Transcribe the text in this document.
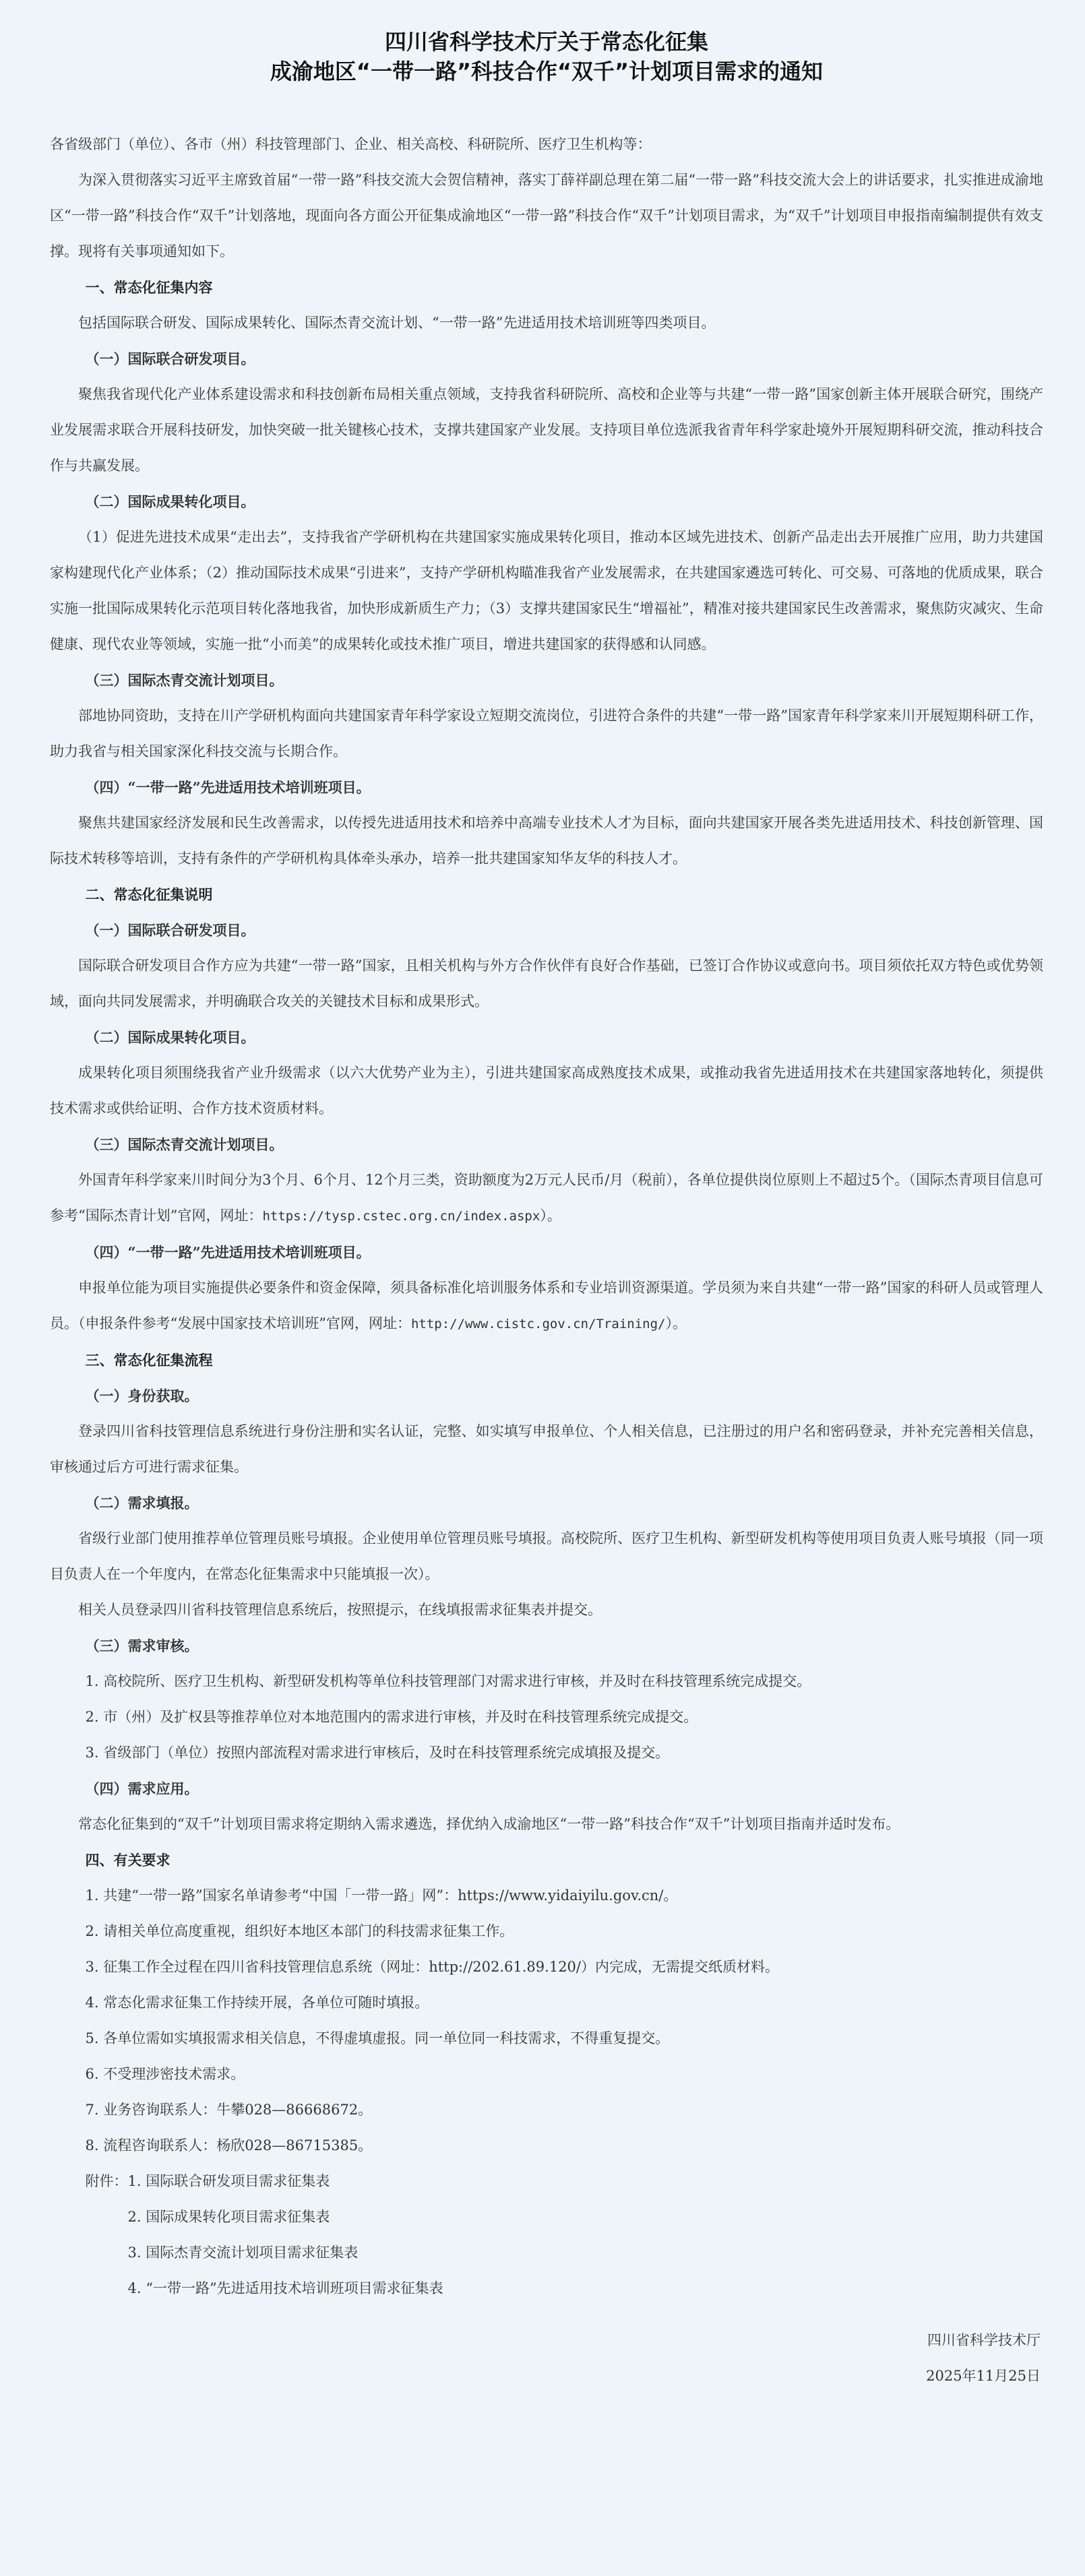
四川省科学技术厅关于常态化征集
成渝地区“一带一路”科技合作“双千”计划项目需求的通知

各省级部门（单位）、各市（州）科技管理部门、企业、相关高校、科研院所、医疗卫生机构等：

为深入贯彻落实习近平主席致首届“一带一路”科技交流大会贺信精神，落实丁薛祥副总理在第二届“一带一路”科技交流大会上的讲话要求，扎实推进成渝地区“一带一路”科技合作“双千”计划落地，现面向各方面公开征集成渝地区“一带一路”科技合作“双千”计划项目需求，为“双千”计划项目申报指南编制提供有效支撑。现将有关事项通知如下。

一、常态化征集内容

包括国际联合研发、国际成果转化、国际杰青交流计划、“一带一路”先进适用技术培训班等四类项目。

（一）国际联合研发项目。

聚焦我省现代化产业体系建设需求和科技创新布局相关重点领域，支持我省科研院所、高校和企业等与共建“一带一路”国家创新主体开展联合研究，围绕产业发展需求联合开展科技研发，加快突破一批关键核心技术，支撑共建国家产业发展。支持项目单位选派我省青年科学家赴境外开展短期科研交流，推动科技合作与共赢发展。

（二）国际成果转化项目。

（1）促进先进技术成果“走出去”，支持我省产学研机构在共建国家实施成果转化项目，推动本区域先进技术、创新产品走出去开展推广应用，助力共建国家构建现代化产业体系；（2）推动国际技术成果“引进来”，支持产学研机构瞄准我省产业发展需求，在共建国家遴选可转化、可交易、可落地的优质成果，联合实施一批国际成果转化示范项目转化落地我省，加快形成新质生产力；（3）支撑共建国家民生“增福祉”，精准对接共建国家民生改善需求，聚焦防灾减灾、生命健康、现代农业等领域，实施一批“小而美”的成果转化或技术推广项目，增进共建国家的获得感和认同感。

（三）国际杰青交流计划项目。

部地协同资助，支持在川产学研机构面向共建国家青年科学家设立短期交流岗位，引进符合条件的共建“一带一路”国家青年科学家来川开展短期科研工作，助力我省与相关国家深化科技交流与长期合作。

（四）“一带一路”先进适用技术培训班项目。

聚焦共建国家经济发展和民生改善需求，以传授先进适用技术和培养中高端专业技术人才为目标，面向共建国家开展各类先进适用技术、科技创新管理、国际技术转移等培训，支持有条件的产学研机构具体牵头承办，培养一批共建国家知华友华的科技人才。

二、常态化征集说明

（一）国际联合研发项目。

国际联合研发项目合作方应为共建“一带一路”国家，且相关机构与外方合作伙伴有良好合作基础，已签订合作协议或意向书。项目须依托双方特色或优势领域，面向共同发展需求，并明确联合攻关的关键技术目标和成果形式。

（二）国际成果转化项目。

成果转化项目须围绕我省产业升级需求（以六大优势产业为主），引进共建国家高成熟度技术成果，或推动我省先进适用技术在共建国家落地转化，须提供技术需求或供给证明、合作方技术资质材料。

（三）国际杰青交流计划项目。

外国青年科学家来川时间分为3个月、6个月、12个月三类，资助额度为2万元人民币/月（税前），各单位提供岗位原则上不超过5个。（国际杰青项目信息可参考“国际杰青计划”官网，网址：https://tysp.cstec.org.cn/index.aspx）。

（四）“一带一路”先进适用技术培训班项目。

申报单位能为项目实施提供必要条件和资金保障，须具备标准化培训服务体系和专业培训资源渠道。学员须为来自共建“一带一路”国家的科研人员或管理人员。（申报条件参考“发展中国家技术培训班”官网，网址：http://www.cistc.gov.cn/Training/）。

三、常态化征集流程

（一）身份获取。

登录四川省科技管理信息系统进行身份注册和实名认证，完整、如实填写申报单位、个人相关信息，已注册过的用户名和密码登录，并补充完善相关信息，审核通过后方可进行需求征集。

（二）需求填报。

省级行业部门使用推荐单位管理员账号填报。企业使用单位管理员账号填报。高校院所、医疗卫生机构、新型研发机构等使用项目负责人账号填报（同一项目负责人在一个年度内，在常态化征集需求中只能填报一次）。

相关人员登录四川省科技管理信息系统后，按照提示，在线填报需求征集表并提交。

（三）需求审核。

1. 高校院所、医疗卫生机构、新型研发机构等单位科技管理部门对需求进行审核，并及时在科技管理系统完成提交。

2. 市（州）及扩权县等推荐单位对本地范围内的需求进行审核，并及时在科技管理系统完成提交。

3. 省级部门（单位）按照内部流程对需求进行审核后，及时在科技管理系统完成填报及提交。

（四）需求应用。

常态化征集到的“双千”计划项目需求将定期纳入需求遴选，择优纳入成渝地区“一带一路”科技合作“双千”计划项目指南并适时发布。

四、有关要求

1. 共建“一带一路”国家名单请参考“中国「一带一路」网”：https://www.yidaiyilu.gov.cn/。

2. 请相关单位高度重视，组织好本地区本部门的科技需求征集工作。

3. 征集工作全过程在四川省科技管理信息系统（网址：http://202.61.89.120/）内完成，无需提交纸质材料。

4. 常态化需求征集工作持续开展，各单位可随时填报。

5. 各单位需如实填报需求相关信息，不得虚填虚报。同一单位同一科技需求，不得重复提交。

6. 不受理涉密技术需求。

7. 业务咨询联系人：牛攀028—86668672。

8. 流程咨询联系人：杨欣028—86715385。

附件：1. 国际联合研发项目需求征集表

2. 国际成果转化项目需求征集表

3. 国际杰青交流计划项目需求征集表

4. “一带一路”先进适用技术培训班项目需求征集表

四川省科学技术厅

2025年11月25日
